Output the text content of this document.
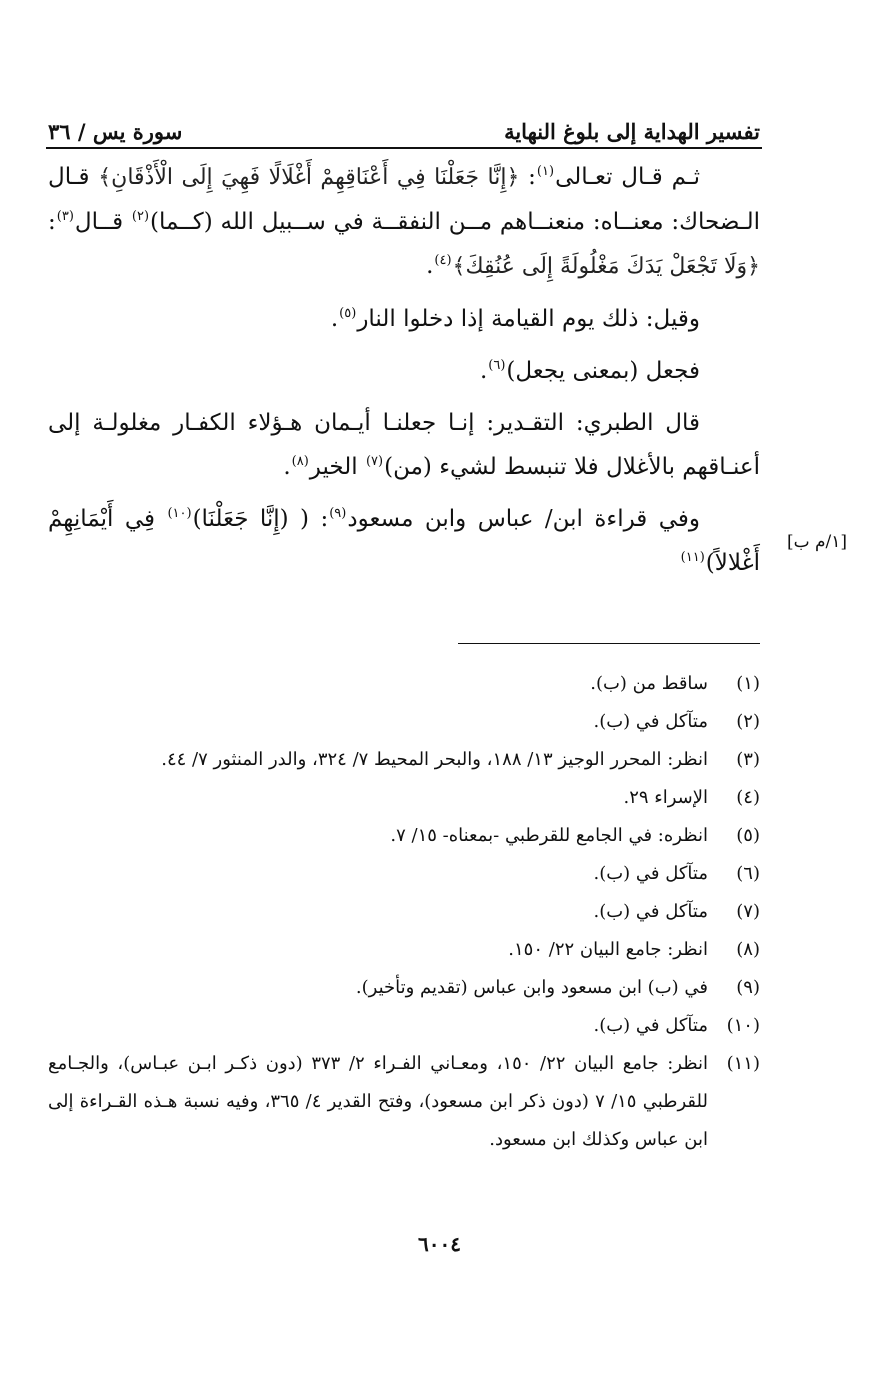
تفسير الهداية إلى بلوغ النهاية
سورة يس / ٣٦

ثـم قـال تعـالى$^{(١)}$: ﴿إِنَّا جَعَلْنَا فِي أَعْنَاقِهِمْ أَغْلَالًا فَهِيَ إِلَى الْأَذْقَانِ﴾ قـال الـضحاك: معنــاه: منعنــاهم مــن النفقــة في ســبيل الله (كــما)$^{(٢)}$ قــال$^{(٣)}$: ﴿وَلَا تَجْعَلْ يَدَكَ مَغْلُولَةً إِلَى عُنُقِكَ﴾$^{(٤)}$.

وقيل: ذلك يوم القيامة إذا دخلوا النار$^{(٥)}$.

فجعل (بمعنى يجعل)$^{(٦)}$.

قال الطبري: التقـدير: إنـا جعلنـا أيـمان هـؤلاء الكفـار مغلولـة إلى أعنـاقهم بالأغلال فلا تنبسط لشيء (من)$^{(٧)}$ الخير$^{(٨)}$.

وفي قراءة ابن/ عباس وابن مسعود$^{(٩)}$: ( (إِنَّا جَعَلْنَا)$^{(١٠)}$ فِي أَيْمَانِهِمْ أَغْلالاً)$^{(١١)}$

[١/م ب]
(١)
ساقط من (ب).
(٢)
متآكل في (ب).
(٣)
انظر: المحرر الوجيز ١٣/ ١٨٨، والبحر المحيط ٧/ ٣٢٤، والدر المنثور ٧/ ٤٤.
(٤)
الإسراء ٢٩.
(٥)
انظره: في الجامع للقرطبي -بمعناه- ١٥/ ٧.
(٦)
متآكل في (ب).
(٧)
متآكل في (ب).
(٨)
انظر: جامع البيان ٢٢/ ١٥٠.
(٩)
في (ب) ابن مسعود وابن عباس (تقديم وتأخير).
(١٠)
متآكل في (ب).
(١١)
انظر: جامع البيان ٢٢/ ١٥٠، ومعـاني الفـراء ٢/ ٣٧٣ (دون ذكـر ابـن عبـاس)، والجـامع للقرطبي ١٥/ ٧ (دون ذكر ابن مسعود)، وفتح القدير ٤/ ٣٦٥، وفيه نسبة هـذه القـراءة إلى ابن عباس وكذلك ابن مسعود.
٦٠٠٤
